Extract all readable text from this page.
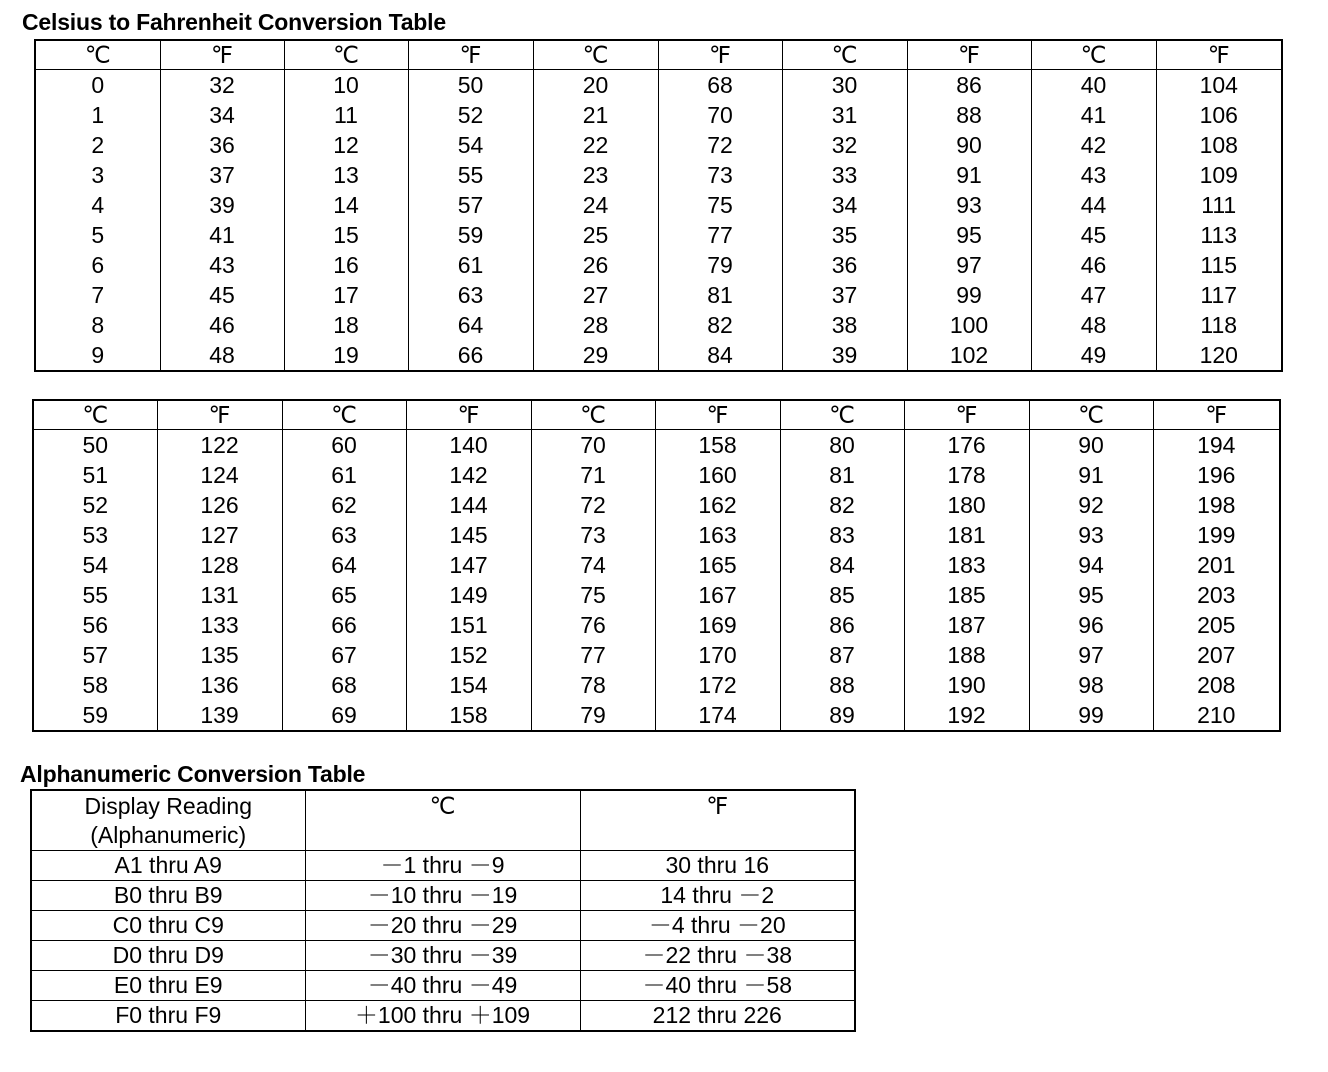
Celsius to Fahrenheit Conversion Table
℃	℉	℃	℉	℃	℉	℃	℉	℃	℉
0	32	10	50	20	68	30	86	40	104
1	34	11	52	21	70	31	88	41	106
2	36	12	54	22	72	32	90	42	108
3	37	13	55	23	73	33	91	43	109
4	39	14	57	24	75	34	93	44	111
5	41	15	59	25	77	35	95	45	113
6	43	16	61	26	79	36	97	46	115
7	45	17	63	27	81	37	99	47	117
8	46	18	64	28	82	38	100	48	118
9	48	19	66	29	84	39	102	49	120
℃	℉	℃	℉	℃	℉	℃	℉	℃	℉
50	122	60	140	70	158	80	176	90	194
51	124	61	142	71	160	81	178	91	196
52	126	62	144	72	162	82	180	92	198
53	127	63	145	73	163	83	181	93	199
54	128	64	147	74	165	84	183	94	201
55	131	65	149	75	167	85	185	95	203
56	133	66	151	76	169	86	187	96	205
57	135	67	152	77	170	87	188	97	207
58	136	68	154	78	172	88	190	98	208
59	139	69	158	79	174	89	192	99	210
Alphanumeric Conversion Table
Display Reading
(Alphanumeric)	℃	℉
A1 thru A9	－1 thru －9	30 thru 16
B0 thru B9	－10 thru －19	14 thru －2
C0 thru C9	－20 thru －29	－4 thru －20
D0 thru D9	－30 thru －39	－22 thru －38
E0 thru E9	－40 thru －49	－40 thru －58
F0 thru F9	＋100 thru ＋109	212 thru 226
